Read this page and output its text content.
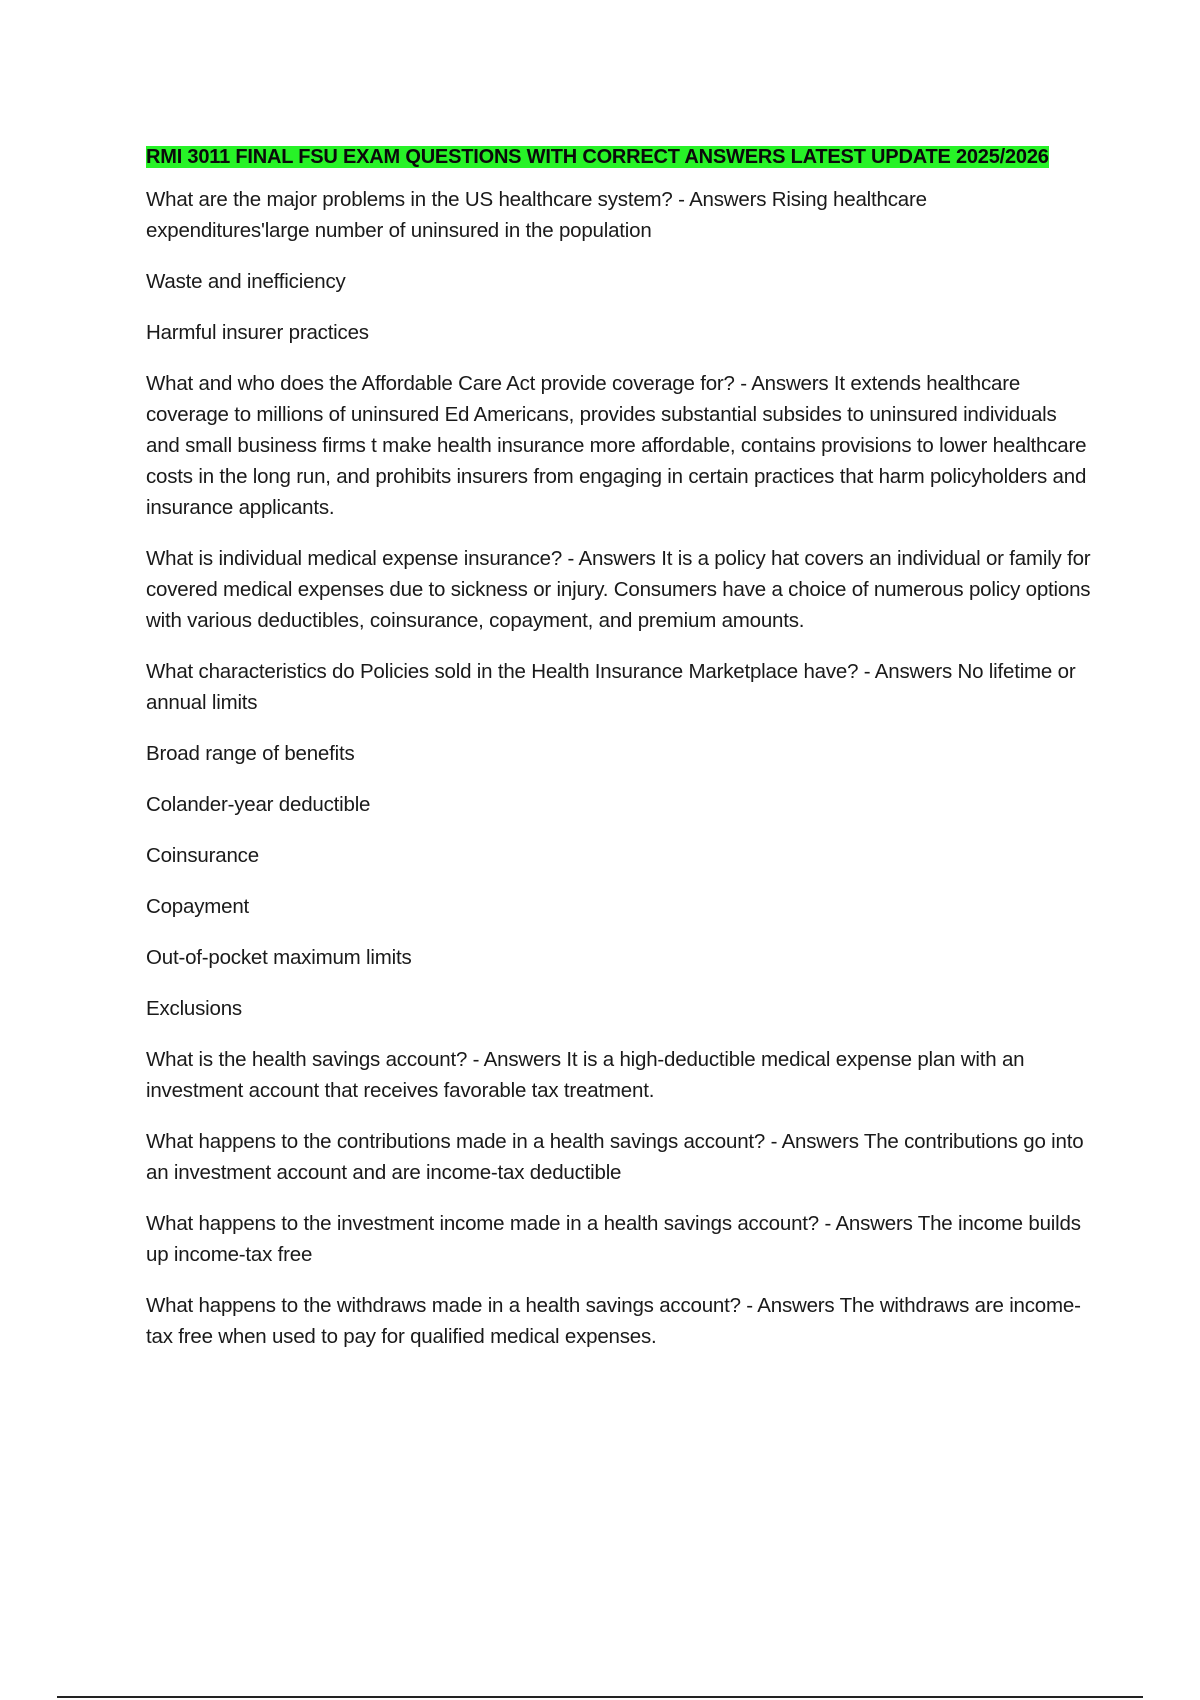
RMI 3011 FINAL FSU EXAM QUESTIONS WITH CORRECT ANSWERS LATEST UPDATE 2025/2026

What are the major problems in the US healthcare system? - Answers Rising healthcare expenditures'large number of uninsured in the population

Waste and inefficiency

Harmful insurer practices

What and who does the Affordable Care Act provide coverage for? - Answers It extends healthcare coverage to millions of uninsured Ed Americans, provides substantial subsides to uninsured individuals and small business firms t make health insurance more affordable, contains provisions to lower healthcare costs in the long run, and prohibits insurers from engaging in certain practices that harm policyholders and insurance applicants.

What is individual medical expense insurance? - Answers It is a policy hat covers an individual or family for covered medical expenses due to sickness or injury. Consumers have a choice of numerous policy options with various deductibles, coinsurance, copayment, and premium amounts.

What characteristics do Policies sold in the Health Insurance Marketplace have? - Answers No lifetime or annual limits

Broad range of benefits

Colander-year deductible

Coinsurance

Copayment

Out-of-pocket maximum limits

Exclusions

What is the health savings account? - Answers It is a high-deductible medical expense plan with an investment account that receives favorable tax treatment.

What happens to the contributions made in a health savings account? - Answers The contributions go into an investment account and are income-tax deductible

What happens to the investment income made in a health savings account? - Answers The income builds up income-tax free

What happens to the withdraws made in a health savings account? - Answers The withdraws are income-tax free when used to pay for qualified medical expenses.
